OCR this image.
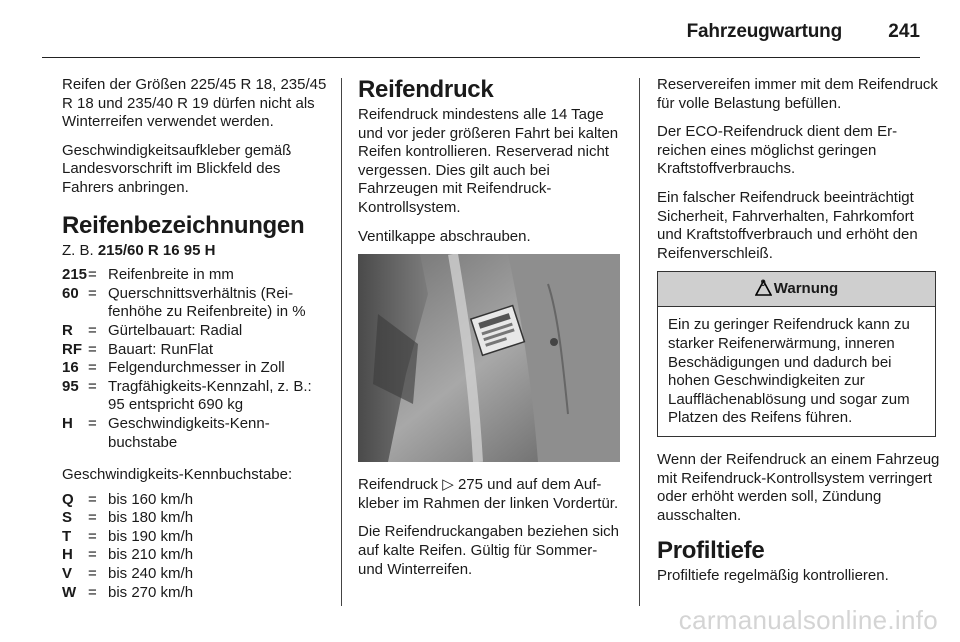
Fahrzeugwartung 241

Reifen der Größen 225/45 R 18, 235/45 R 18 und 235/40 R 19 dürfen nicht als Winterreifen verwendet werden.

Geschwindigkeitsaufkleber gemäß Landesvorschrift im Blickfeld des Fahrers anbringen.

Reifenbezeichnungen
Z. B. 215/60 R 16 95 H
215 = Reifenbreite in mm
60 = Querschnittsverhältnis (Reifenhöhe zu Reifenbreite) in %
R	= Gürtelbauart: Radial
RF = Bauart: RunFlat
16 = Felgendurchmesser in Zoll
95 = Tragfähigkeits-Kennzahl, z. B.: 95 entspricht 690 kg
H	= Geschwindigkeits-Kennbuchstabe
Geschwindigkeits-Kennbuchstabe:
Q = bis 160 km/h
S	= bis 180 km/h
T	= bis 190 km/h
H	= bis 210 km/h
V	= bis 240 km/h
W = bis 270 km/h
Reifendruck

Reifendruck mindestens alle 14 Tage und vor jeder größeren Fahrt bei kalten Reifen kontrollieren. Reserverad nicht vergessen. Dies gilt auch bei Fahrzeugen mit Reifendruck-Kontrollsystem.

Ventilkappe abschrauben.

Reifendruck ▷ 275 und auf dem Aufkleber im Rahmen der linken Vordertür.

Die Reifendruckangaben beziehen sich auf kalte Reifen. Gültig für Sommer- und Winterreifen.

Reservereifen immer mit dem Reifendruck für volle Belastung befüllen.

Der ECO-Reifendruck dient dem Erreichen eines möglichst geringen Kraftstoffverbrauchs.

Ein falscher Reifendruck beeinträchtigt Sicherheit, Fahrverhalten, Fahrkomfort und Kraftstoffverbrauch und erhöht den Reifenverschleiß.

9 Warnung
Ein zu geringer Reifendruck kann zu starker Reifenerwärmung, inneren Beschädigungen und dadurch bei hohen Geschwindigkeiten zur Laufflächenablösung und sogar zum Platzen des Reifens führen.

Wenn der Reifendruck an einem Fahrzeug mit Reifendruck-Kontrollsystem verringert oder erhöht werden soll, Zündung ausschalten.

Profiltiefe

Profiltiefe regelmäßig kontrollieren.

carmanualsonline.info
